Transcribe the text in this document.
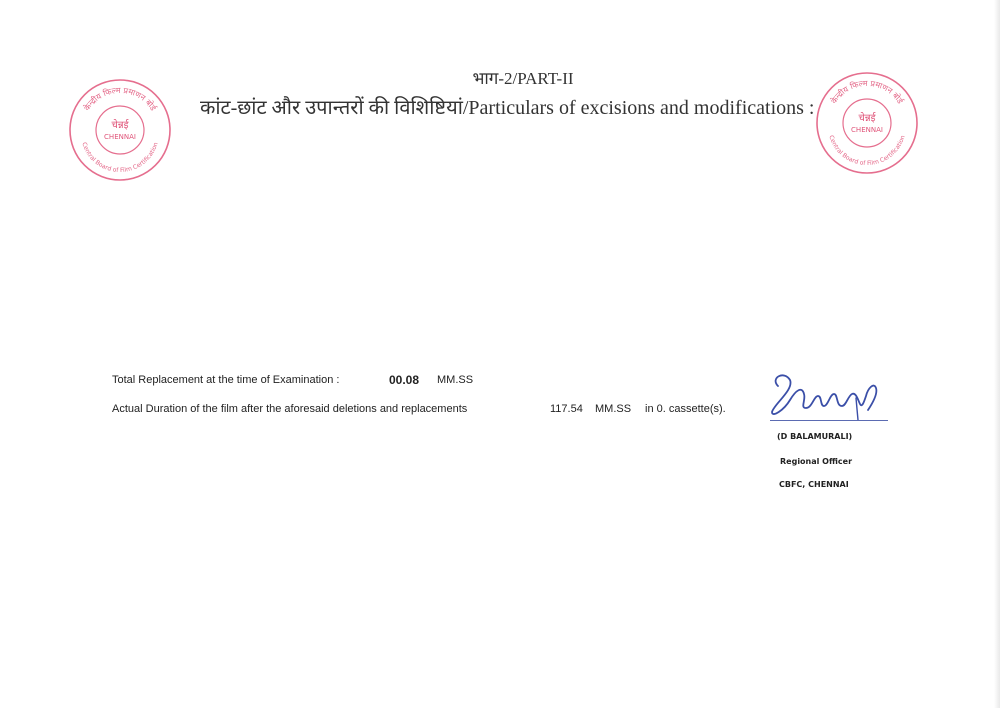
केन्द्रीय फिल्म प्रमाणन बोर्ड
Central Board of Film Certification
चेन्नई
CHENNAI
केन्द्रीय फिल्म प्रमाणन बोर्ड
Central Board of Film Certification
चेन्नई
CHENNAI
भाग-2/PART-II
कांट-छांट और उपान्तरों की विशिष्टियां/Particulars of excisions and modifications :
Total Replacement at the time of Examination :	00.08 MM.SS
Actual Duration of the film after the aforesaid deletions and replacements	117.54 MM.SS in 0. cassette(s).
(D BALAMURALI)
Regional Officer
CBFC, CHENNAI
